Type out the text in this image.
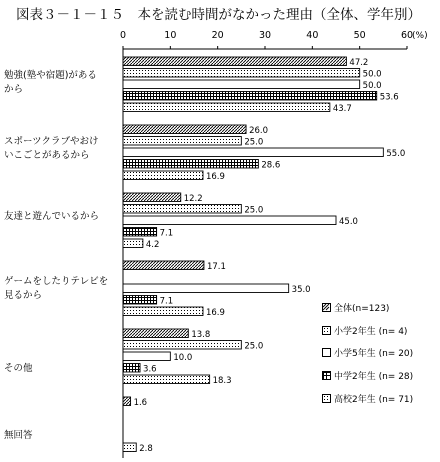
図表３－１－１５　本を読む時間がなかった理由（全体、学年別）
0	10	20	30	40	50	60
(%)
勉強(塾や宿題)があるから
スポーツクラブやおけいこごとがあるから
友達と遊んでいるから
ゲームをしたりテレビを見るから
その他
無回答
47.2
50.0
50.0
53.6
43.7
26.0
25.0
55.0
28.6
16.9
12.2
25.0
45.0
7.1
4.2
17.1
35.0
7.1
16.9
13.8
25.0
10.0
3.6
18.3
1.6
2.8
全体(n=123)
小学2年生 (n= 4)
小学5年生 (n= 20)
中学2年生 (n= 28)
高校2年生 (n= 71)
